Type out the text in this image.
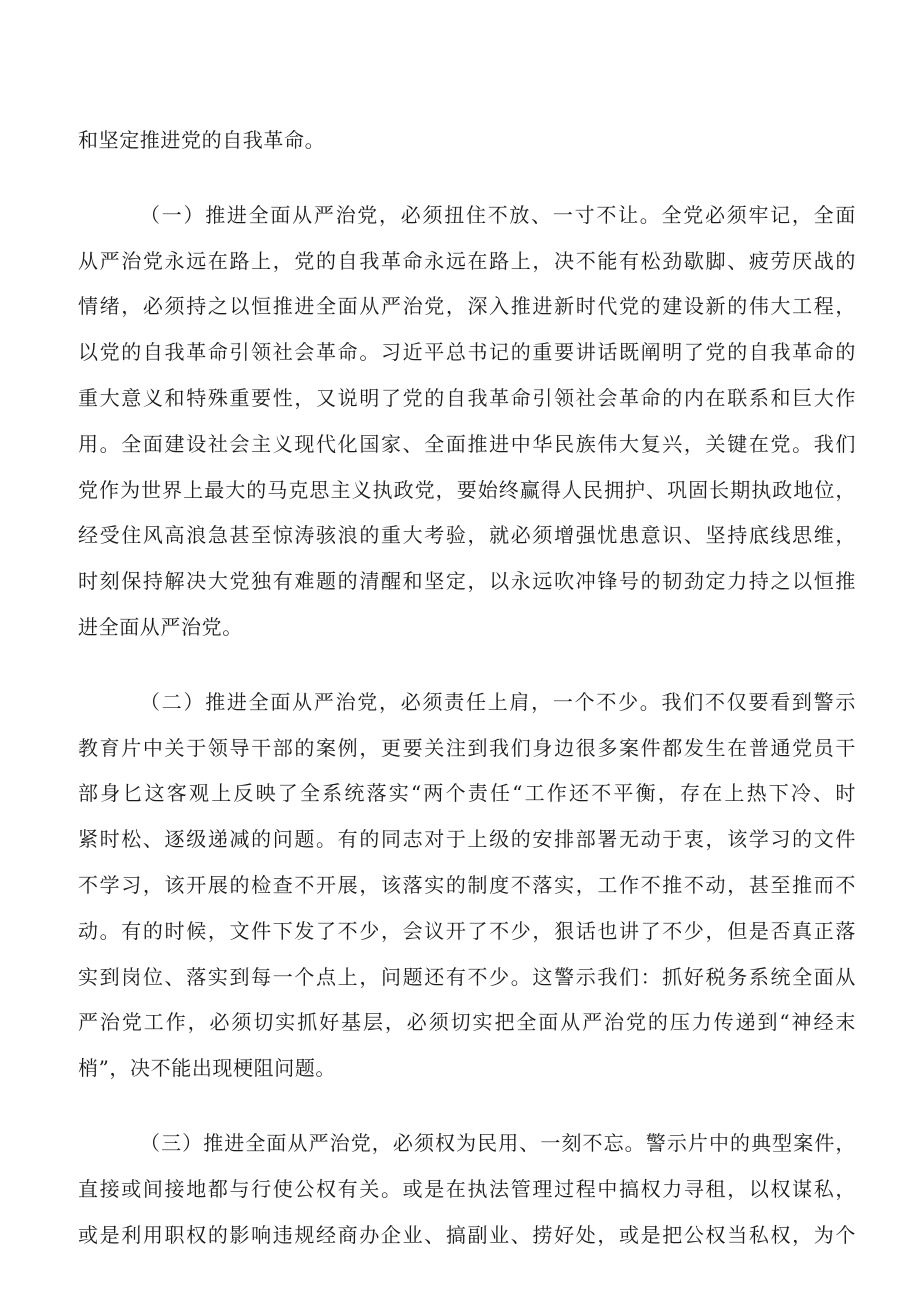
和坚定推进党的自我革命。
（一）推进全面从严治党，必须扭住不放、一寸不让。全党必须牢记，全面
从严治党永远在路上，党的自我革命永远在路上，决不能有松劲歇脚、疲劳厌战的
情绪，必须持之以恒推进全面从严治党，深入推进新时代党的建设新的伟大工程，
以党的自我革命引领社会革命。习近平总书记的重要讲话既阐明了党的自我革命的
重大意义和特殊重要性，又说明了党的自我革命引领社会革命的内在联系和巨大作
用。全面建设社会主义现代化国家、全面推进中华民族伟大复兴，关键在党。我们
党作为世界上最大的马克思主义执政党，要始终赢得人民拥护、巩固长期执政地位，
经受住风高浪急甚至惊涛骇浪的重大考验，就必须增强忧患意识、坚持底线思维，
时刻保持解决大党独有难题的清醒和坚定，以永远吹冲锋号的韧劲定力持之以恒推
进全面从严治党。
（二）推进全面从严治党，必须责任上肩，一个不少。我们不仅要看到警示
教育片中关于领导干部的案例，更要关注到我们身边很多案件都发生在普通党员干
部身匕这客观上反映了全系统落实“两个责任“工作还不平衡，存在上热下冷、时
紧时松、逐级递减的问题。有的同志对于上级的安排部署无动于衷，该学习的文件
不学习，该开展的检查不开展，该落实的制度不落实，工作不推不动，甚至推而不
动。有的时候，文件下发了不少，会议开了不少，狠话也讲了不少，但是否真正落
实到岗位、落实到每一个点上，问题还有不少。这警示我们：抓好税务系统全面从
严治党工作，必须切实抓好基层，必须切实把全面从严治党的压力传递到“神经末
梢”，决不能出现梗阻问题。
（三）推进全面从严治党，必须权为民用、一刻不忘。警示片中的典型案件，
直接或间接地都与行使公权有关。或是在执法管理过程中搞权力寻租，以权谋私，
或是利用职权的影响违规经商办企业、搞副业、捞好处，或是把公权当私权，为个
